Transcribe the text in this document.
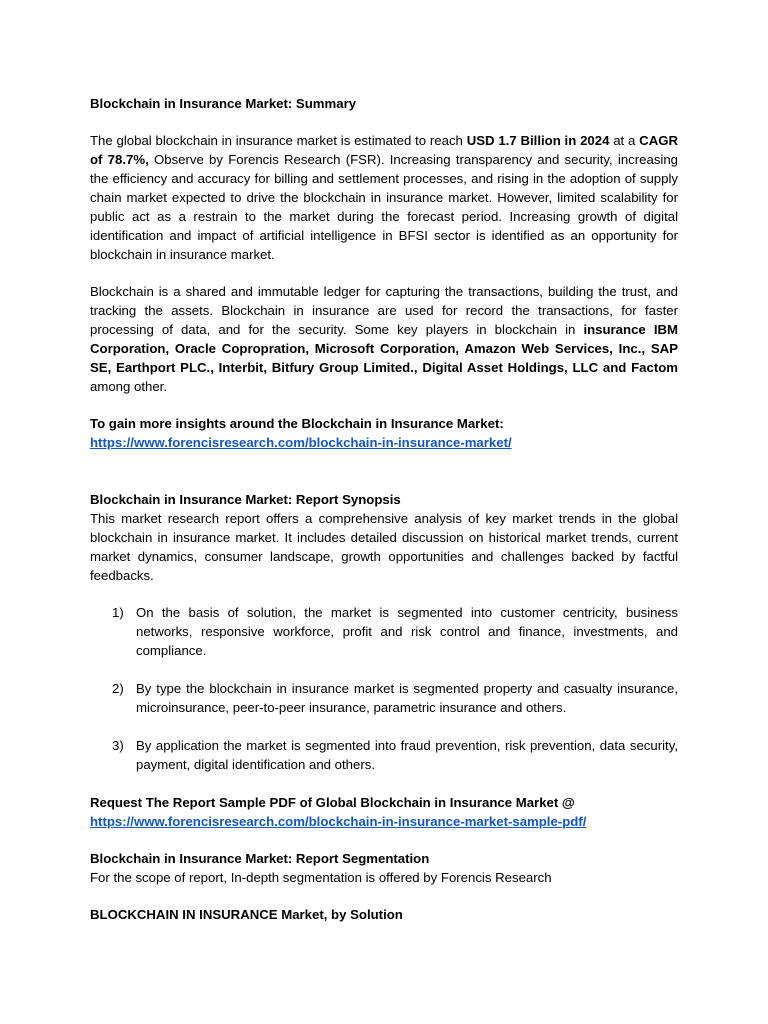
Blockchain in Insurance Market: Summary

The global blockchain in insurance market is estimated to reach USD 1.7 Billion in 2024 at a CAGR of 78.7%, Observe by Forencis Research (FSR). Increasing transparency and security, increasing the efficiency and accuracy for billing and settlement processes, and rising in the adoption of supply chain market expected to drive the blockchain in insurance market. However, limited scalability for public act as a restrain to the market during the forecast period. Increasing growth of digital identification and impact of artificial intelligence in BFSI sector is identified as an opportunity for blockchain in insurance market.

Blockchain is a shared and immutable ledger for capturing the transactions, building the trust, and tracking the assets. Blockchain in insurance are used for record the transactions, for faster processing of data, and for the security. Some key players in blockchain in insurance IBM Corporation, Oracle Copropration, Microsoft Corporation, Amazon Web Services, Inc., SAP SE, Earthport PLC., Interbit, Bitfury Group Limited., Digital Asset Holdings, LLC and Factom among other.

To gain more insights around the Blockchain in Insurance Market:

https://www.forencisresearch.com/blockchain-in-insurance-market/

Blockchain in Insurance Market: Report Synopsis

This market research report offers a comprehensive analysis of key market trends in the global blockchain in insurance market. It includes detailed discussion on historical market trends, current market dynamics, consumer landscape, growth opportunities and challenges backed by factful feedbacks.

1) On the basis of solution, the market is segmented into customer centricity, business networks, responsive workforce, profit and risk control and finance, investments, and compliance.
2) By type the blockchain in insurance market is segmented property and casualty insurance, microinsurance, peer-to-peer insurance, parametric insurance and others.
3) By application the market is segmented into fraud prevention, risk prevention, data security, payment, digital identification and others.

Request The Report Sample PDF of Global Blockchain in Insurance Market @

https://www.forencisresearch.com/blockchain-in-insurance-market-sample-pdf/

Blockchain in Insurance Market: Report Segmentation

For the scope of report, In-depth segmentation is offered by Forencis Research

BLOCKCHAIN IN INSURANCE Market, by Solution
